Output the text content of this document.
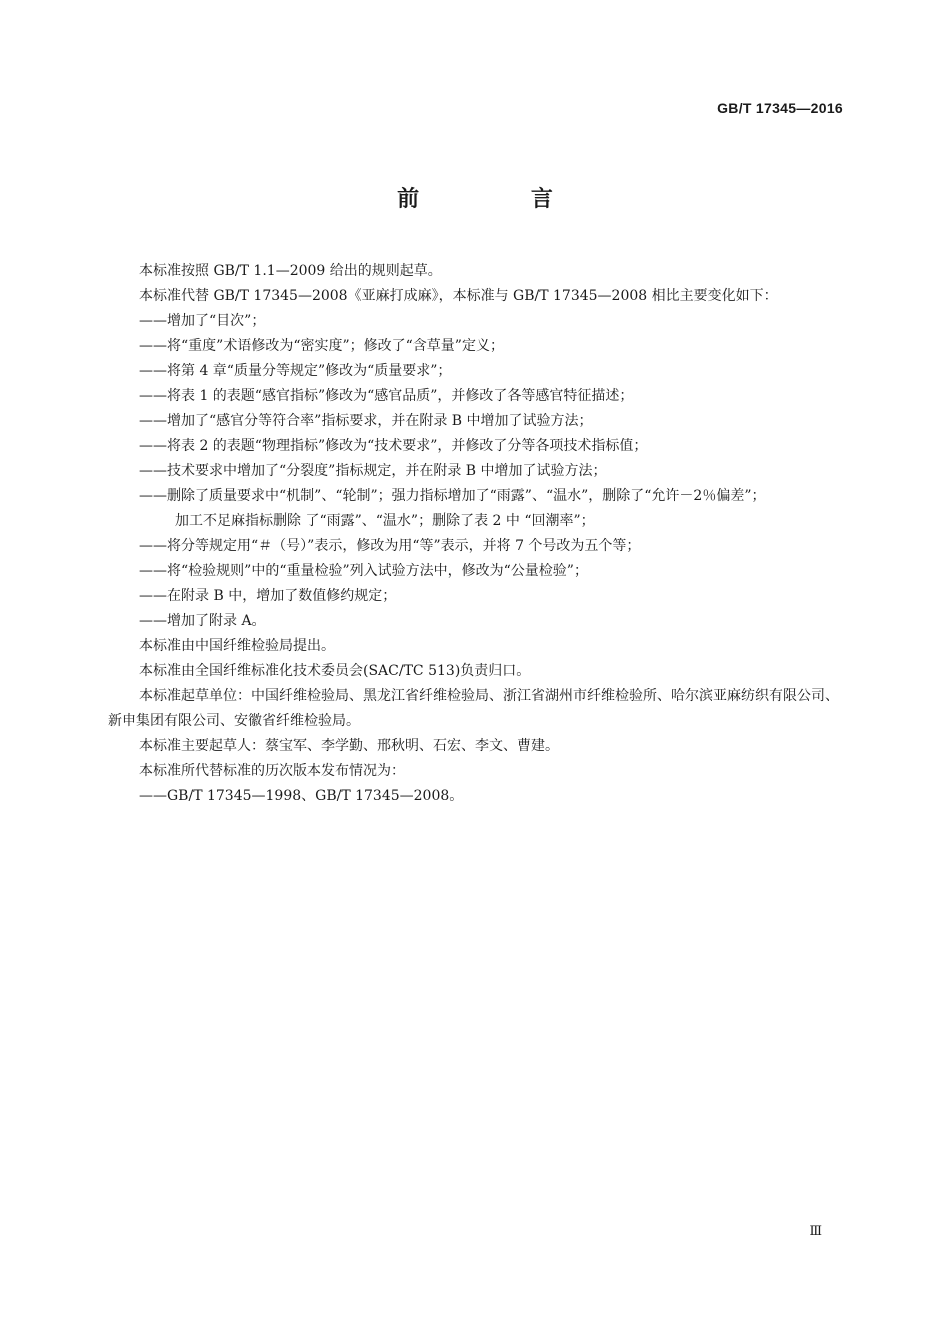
GB/T 17345—2016
前 言
本标准按照 GB/T 1.1—2009 给出的规则起草。
本标准代替 GB/T 17345—2008《亚麻打成麻》，本标准与 GB/T 17345—2008 相比主要变化如下：
——增加了“目次”；
——将“重度”术语修改为“密实度”；修改了“含草量”定义；
——将第 4 章“质量分等规定”修改为“质量要求”；
——将表 1 的表题“感官指标”修改为“感官品质”，并修改了各等感官特征描述；
——增加了“感官分等符合率”指标要求，并在附录 B 中增加了试验方法；
——将表 2 的表题“物理指标”修改为“技术要求”，并修改了分等各项技术指标值；
——技术要求中增加了“分裂度”指标规定，并在附录 B 中增加了试验方法；
——删除了质量要求中“机制”、“轮制”；强力指标增加了“雨露”、“温水”，删除了“允许－2％偏差”；
加工不足麻指标删除 了“雨露”、“温水”；删除了表 2 中 “回潮率”；
——将分等规定用“＃（号）”表示，修改为用“等”表示，并将 7 个号改为五个等；
——将“检验规则”中的“重量检验”列入试验方法中，修改为“公量检验”；
——在附录 B 中，增加了数值修约规定；
——增加了附录 A。
本标准由中国纤维检验局提出。
本标准由全国纤维标准化技术委员会(SAC/TC 513)负责归口。
本标准起草单位：中国纤维检验局、黑龙江省纤维检验局、浙江省湖州市纤维检验所、哈尔滨亚麻纺织有限公司、新申集团有限公司、安徽省纤维检验局。
本标准主要起草人：蔡宝军、李学勤、邢秋明、石宏、李文、曹建。
本标准所代替标准的历次版本发布情况为：
——GB/T 17345—1998、GB/T 17345—2008。
Ⅲ
